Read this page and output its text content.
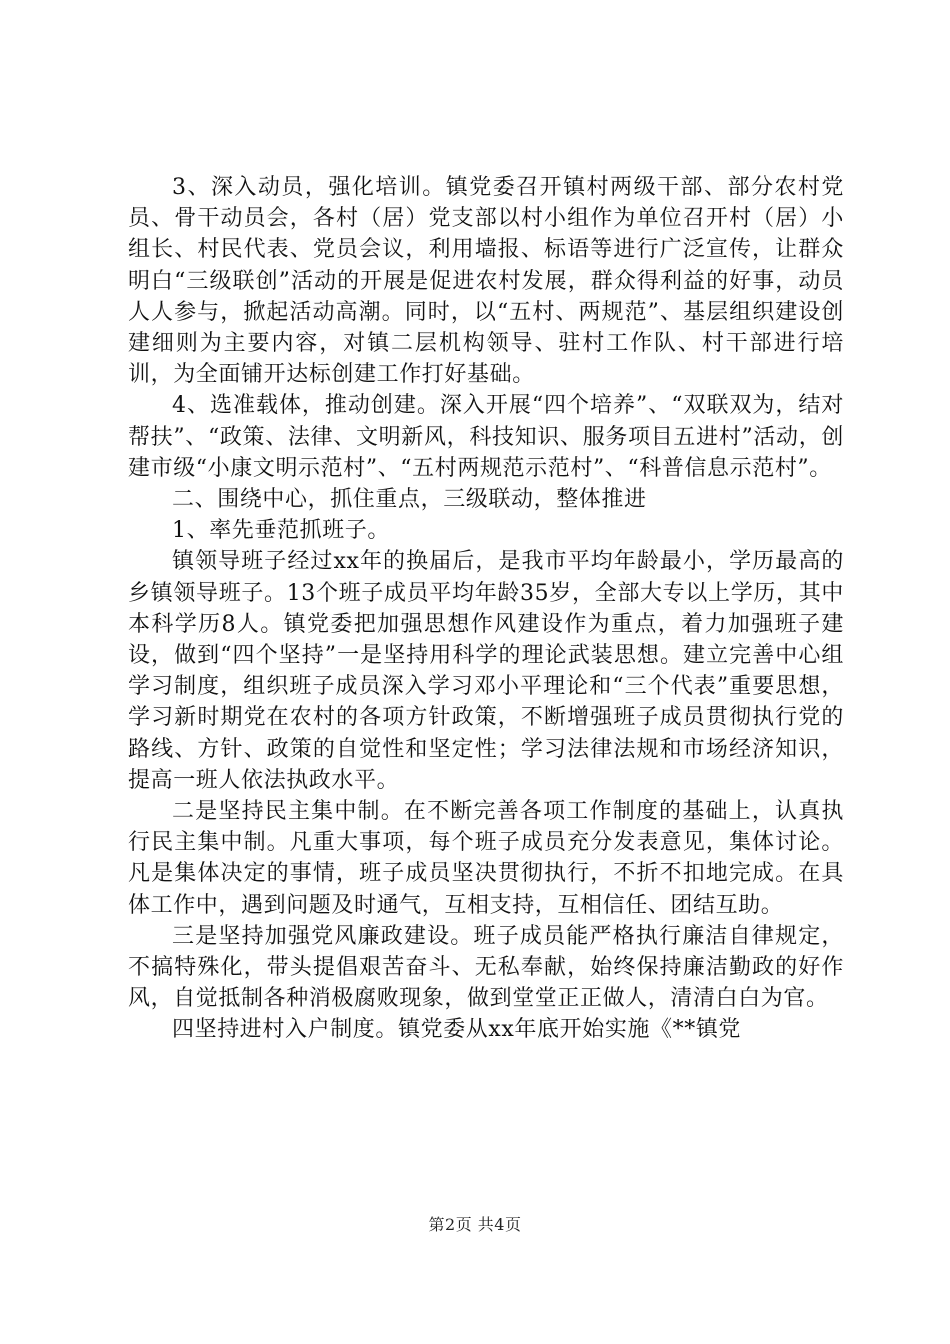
3、深入动员，强化培训。镇党委召开镇村两级干部、部分农村党员、骨干动员会，各村（居）党支部以村小组作为单位召开村（居）小组长、村民代表、党员会议，利用墙报、标语等进行广泛宣传，让群众明白“三级联创”活动的开展是促进农村发展，群众得利益的好事，动员人人参与，掀起活动高潮。同时，以“五村、两规范”、基层组织建设创建细则为主要内容，对镇二层机构领导、驻村工作队、村干部进行培训，为全面铺开达标创建工作打好基础。

4、选准载体，推动创建。深入开展“四个培养”、“双联双为，结对帮扶”、“政策、法律、文明新风，科技知识、服务项目五进村”活动，创建市级“小康文明示范村”、“五村两规范示范村”、“科普信息示范村”。

二、围绕中心，抓住重点，三级联动，整体推进

1、率先垂范抓班子。

镇领导班子经过xx年的换届后，是我市平均年龄最小，学历最高的乡镇领导班子。13个班子成员平均年龄35岁，全部大专以上学历，其中本科学历8人。镇党委把加强思想作风建设作为重点，着力加强班子建设，做到“四个坚持”一是坚持用科学的理论武装思想。建立完善中心组学习制度，组织班子成员深入学习邓小平理论和“三个代表”重要思想，学习新时期党在农村的各项方针政策，不断增强班子成员贯彻执行党的路线、方针、政策的自觉性和坚定性；学习法律法规和市场经济知识，提高一班人依法执政水平。

二是坚持民主集中制。在不断完善各项工作制度的基础上，认真执行民主集中制。凡重大事项，每个班子成员充分发表意见，集体讨论。凡是集体决定的事情，班子成员坚决贯彻执行，不折不扣地完成。在具体工作中，遇到问题及时通气，互相支持，互相信任、团结互助。

三是坚持加强党风廉政建设。班子成员能严格执行廉洁自律规定，不搞特殊化，带头提倡艰苦奋斗、无私奉献，始终保持廉洁勤政的好作风，自觉抵制各种消极腐败现象，做到堂堂正正做人，清清白白为官。

四坚持进村入户制度。镇党委从xx年底开始实施《**镇党

第2页 共4页
